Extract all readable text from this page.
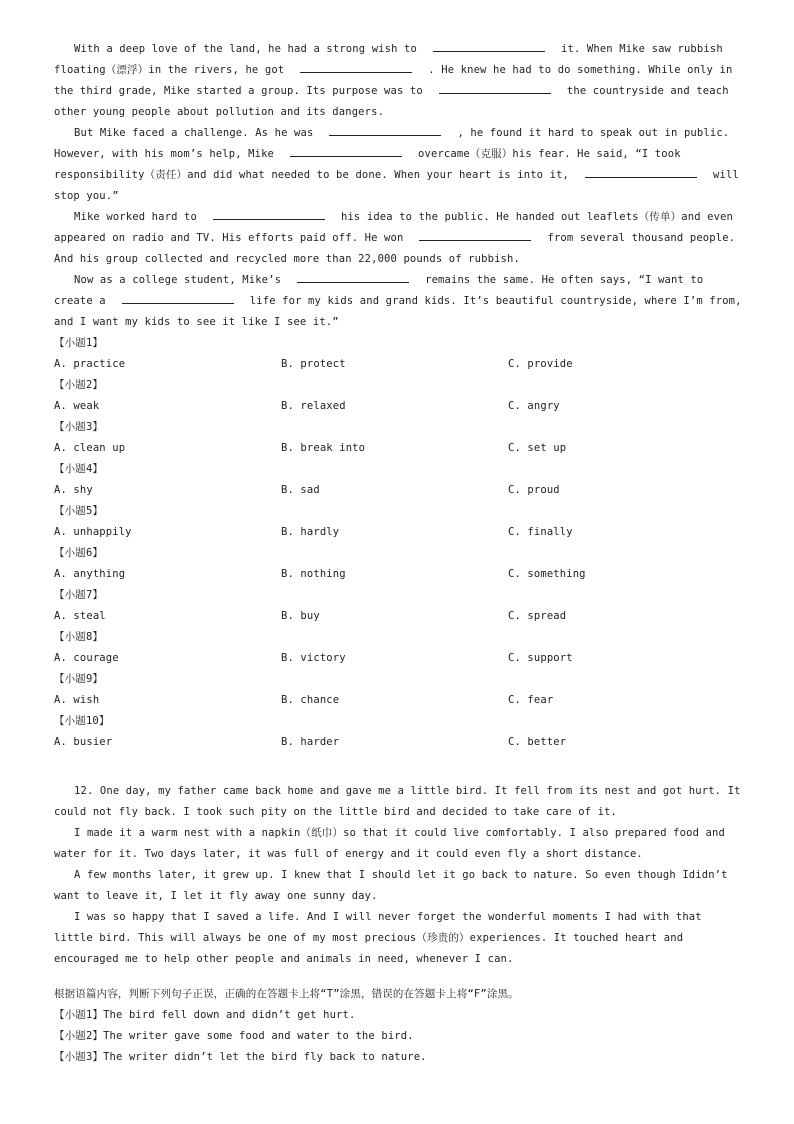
With a deep love of the land, he had a strong wish to	it. When Mike saw rubbish floating（漂浮）in the rivers, he got	. He knew he had to do something. While only in the third grade, Mike started a group. Its purpose was to	the countryside and teach other young people about pollution and its dangers.

But Mike faced a challenge. As he was	, he found it hard to speak out in public. However, with his mom’s help, Mike	overcame（克服）his fear. He said, “I took responsibility（责任）and did what needed to be done. When your heart is into it,	will stop you.”

Mike worked hard to	his idea to the public. He handed out leaflets（传单）and even appeared on radio and TV. His efforts paid off. He won	from several thousand people. And his group collected and recycled more than 22,000 pounds of rubbish.

Now as a college student, Mike’s	remains the same. He often says, “I want to create a	life for my kids and grand kids. It’s beautiful countryside, where I’m from, and I want my kids to see it like I see it.”

【小题1】
A. practice	B. protect	C. provide
【小题2】
A. weak	B. relaxed	C. angry
【小题3】
A. clean up	B. break into	C. set up
【小题4】
A. shy	B. sad	C. proud
【小题5】
A. unhappily	B. hardly	C. finally
【小题6】
A. anything	B. nothing	C. something
【小题7】
A. steal	B. buy	C. spread
【小题8】
A. courage	B. victory	C. support
【小题9】
A. wish	B. chance	C. fear
【小题10】
A. busier	B. harder	C. better

12. One day, my father came back home and gave me a little bird. It fell from its nest and got hurt. It could not fly back. I took such pity on the little bird and decided to take care of it.

I made it a warm nest with a napkin（纸巾）so that it could live comfortably. I also prepared food and water for it. Two days later, it was full of energy and it could even fly a short distance.

A few months later, it grew up. I knew that I should let it go back to nature. So even though Ididn’t want to leave it, I let it fly away one sunny day.

I was so happy that I saved a life. And I will never forget the wonderful moments I had with that little bird. This will always be one of my most precious（珍贵的）experiences. It touched heart and encouraged me to help other people and animals in need, whenever I can.

根据语篇内容，判断下列句子正误，正确的在答题卡上将“T”涂黑，错误的在答题卡上将“F”涂黑。
【小题1】The bird fell down and didn’t get hurt.
【小题2】The writer gave some food and water to the bird.
【小题3】The writer didn’t let the bird fly back to nature.
